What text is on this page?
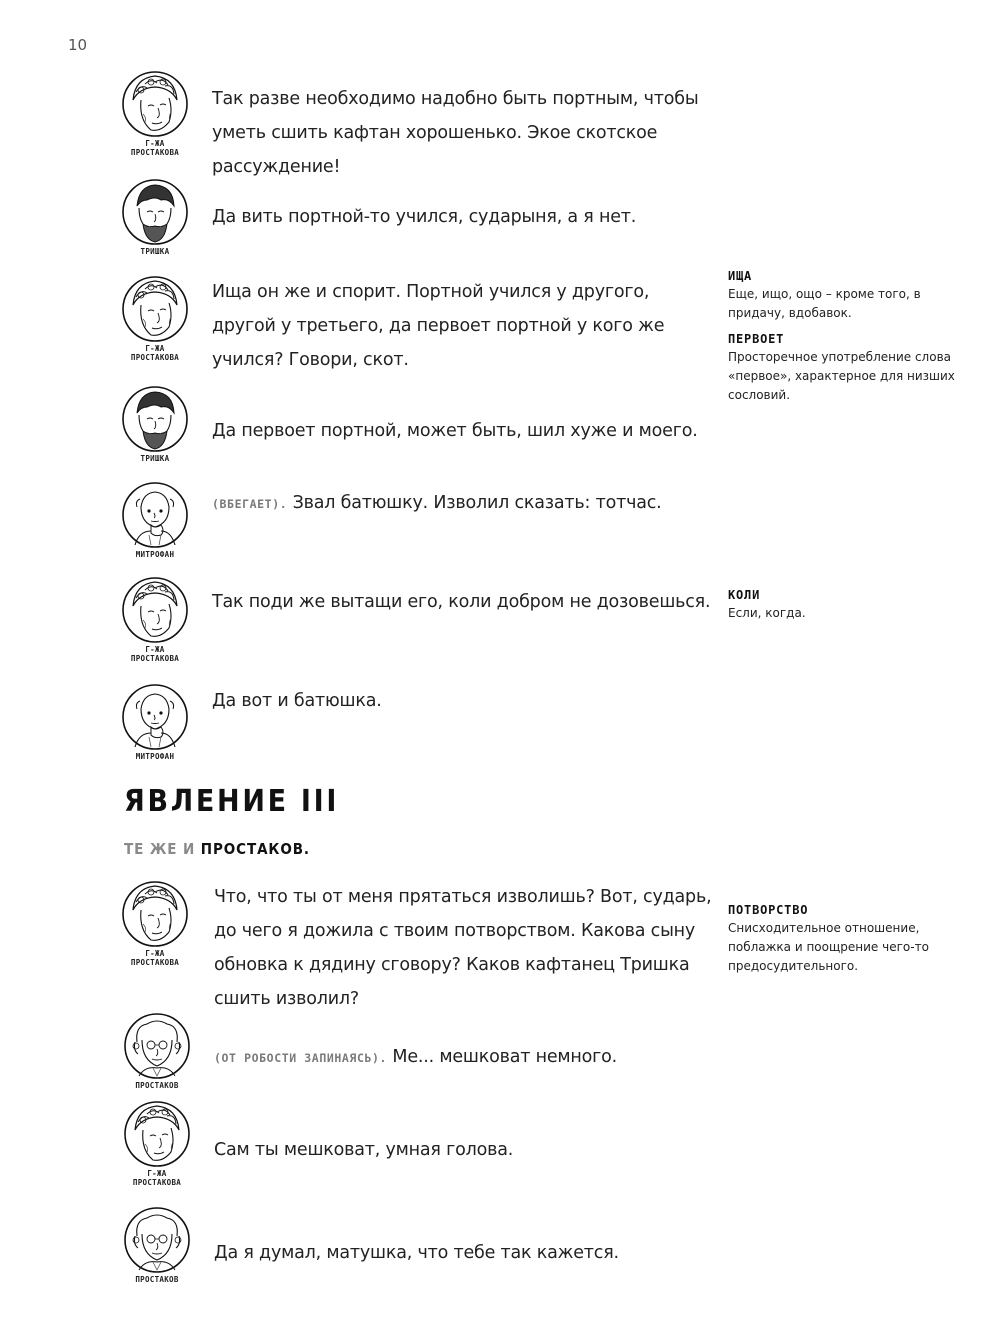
10
Г-ЖА
ПРОСТАКОВА
Так разве необходимо надобно быть портным, чтобы уметь сшить кафтан хорошенько. Экое скотское рассуждение!
ТРИШКА
Да вить портной-то учился, сударыня, а я нет.
Г-ЖА
ПРОСТАКОВА
Ища он же и спорит. Портной учился у другого, другой у третьего, да первоет портной у кого же учился? Говори, скот.
ТРИШКА
Да первоет портной, может быть, шил хуже и моего.
МИТРОФАН
(ВБЕГАЕТ). Звал батюшку. Изволил сказать: тотчас.
Г-ЖА
ПРОСТАКОВА
Так поди же вытащи его, коли добром не дозовешься.
МИТРОФАН
Да вот и батюшка.
ЯВЛЕНИЕ III
ТЕ ЖЕ И ПРОСТАКОВ.
Г-ЖА
ПРОСТАКОВА
Что, что ты от меня прятаться изволишь? Вот, сударь, до чего я дожила с твоим потворством. Какова сыну обновка к дядину сговору? Каков кафтанец Тришка сшить изволил?
ПРОСТАКОВ
(ОТ РОБОСТИ ЗАПИНАЯСЬ). Ме... мешковат немного.
Г-ЖА
ПРОСТАКОВА
Сам ты мешковат, умная голова.
ПРОСТАКОВ
Да я думал, матушка, что тебе так кажется.
ИЩА
Еще, ищо, ощо – кроме того, в придачу, вдобавок.
ПЕРВОЕТ
Просторечное употребление слова «первое», характерное для низших сословий.
КОЛИ
Если, когда.
ПОТВОРСТВО
Снисходительное отношение, поблажка и поощрение чего-то предосудительного.
